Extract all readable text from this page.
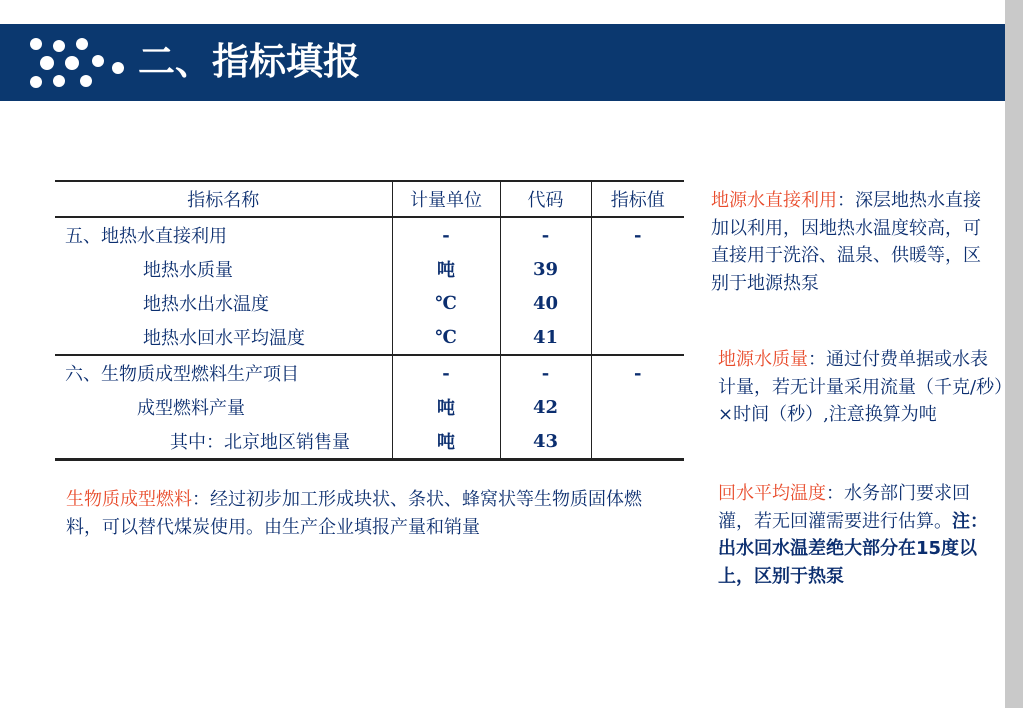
二、指标填报
指标名称	计量单位	代码	指标值
五、地热水直接利用	-	-	-
地热水质量	吨	39	
地热水出水温度	℃	40	
地热水回水平均温度	℃	41	
六、生物质成型燃料生产项目	-	-	-
成型燃料产量	吨	42	
其中：北京地区销售量	吨	43	
生物质成型燃料：经过初步加工形成块状、条状、蜂窝状等生物质固体燃料，可以替代煤炭使用。由生产企业填报产量和销量
地源水直接利用：深层地热水直接加以利用，因地热水温度较高，可直接用于洗浴、温泉、供暖等，区别于地源热泵
地源水质量：通过付费单据或水表计量，若无计量采用流量（千克/秒）×时间（秒）,注意换算为吨
回水平均温度：水务部门要求回灌，若无回灌需要进行估算。注：出水回水温差绝大部分在15度以上，区别于热泵
